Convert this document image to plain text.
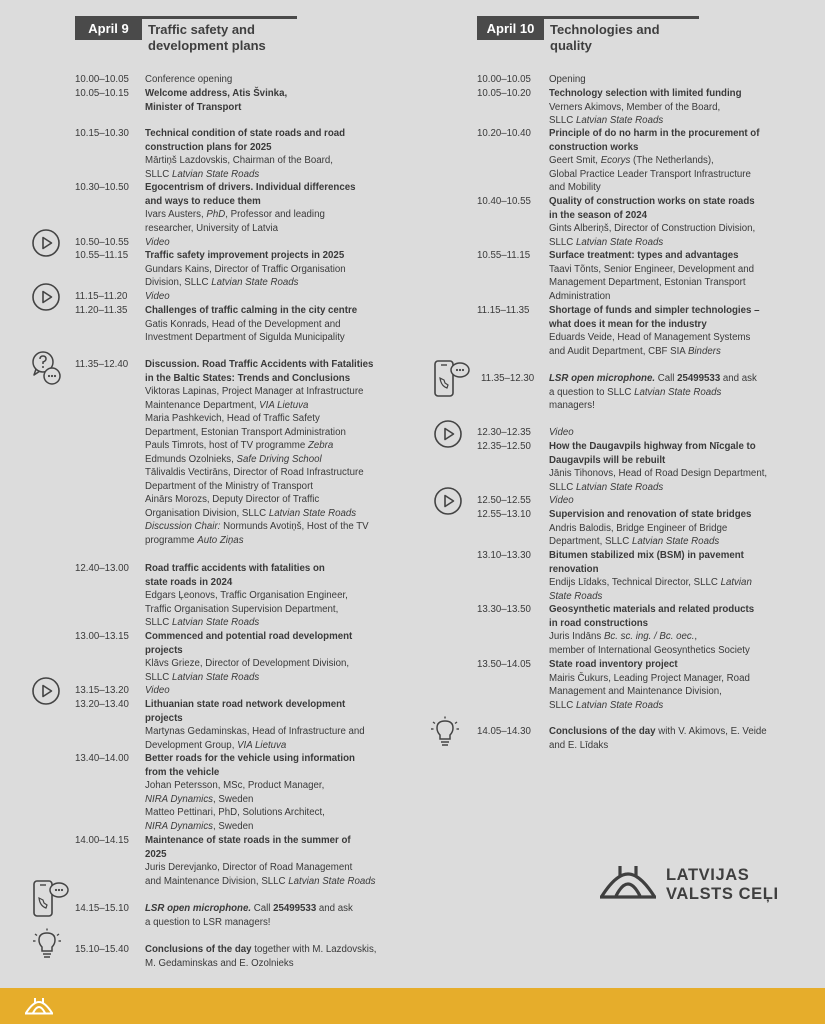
April 9	Traffic safety and
development plans
10.00–10.05 Conference opening
10.05–10.15 Welcome address, Atis Švinka,
Minister of Transport
10.15–10.30 Technical condition of state roads and road
construction plans for 2025
Mārtiņš Lazdovskis, Chairman of the Board,
SLLC Latvian State Roads
10.30–10.50 Egocentrism of drivers. Individual differences
and ways to reduce them
Ivars Austers, PhD, Professor and leading
researcher, University of Latvia
10.50–10.55 Video
10.55–11.15 Traffic safety improvement projects in 2025
Gundars Kains, Director of Traffic Organisation
Division, SLLC Latvian State Roads
11.15–11.20 Video
11.20–11.35 Challenges of traffic calming in the city centre
Gatis Konrads, Head of the Development and
Investment Department of Sigulda Municipality
11.35–12.40 Discussion. Road Traffic Accidents with Fatalities
in the Baltic States: Trends and Conclusions
Viktoras Lapinas, Project Manager at Infrastructure
Maintenance Department, VIA Lietuva
Maria Pashkevich, Head of Traffic Safety
Department, Estonian Transport Administration
Pauls Timrots, host of TV programme Zebra
Edmunds Ozolnieks, Safe Driving School
Tālivaldis Vectirāns, Director of Road Infrastructure
Department of the Ministry of Transport
Ainārs Morozs, Deputy Director of Traffic
Organisation Division, SLLC Latvian State Roads
Discussion Chair: Normunds Avotiņš, Host of the TV
programme Auto Ziņas
12.40–13.00 Road traffic accidents with fatalities on
state roads in 2024
Edgars Ļeonovs, Traffic Organisation Engineer,
Traffic Organisation Supervision Department,
SLLC Latvian State Roads
13.00–13.15 Commenced and potential road development
projects
Klāvs Grieze, Director of Development Division,
SLLC Latvian State Roads
13.15–13.20 Video
13.20–13.40 Lithuanian state road network development
projects
Martynas Gedaminskas, Head of Infrastructure and
Development Group, VIA Lietuva
13.40–14.00 Better roads for the vehicle using information
from the vehicle
Johan Petersson, MSc, Product Manager,
NIRA Dynamics, Sweden
Matteo Pettinari, PhD, Solutions Architect,
NIRA Dynamics, Sweden
14.00–14.15 Maintenance of state roads in the summer of
2025
Juris Derevjanko, Director of Road Management
and Maintenance Division, SLLC Latvian State Roads
14.15–15.10 LSR open microphone. Call 25499533 and ask
a question to LSR managers!
15.10–15.40 Conclusions of the day together with M. Lazdovskis,
M. Gedaminskas and E. Ozolnieks
April 10	Technologies and
quality
10.00–10.05 Opening
10.05–10.20 Technology selection with limited funding
Verners Akimovs, Member of the Board,
SLLC Latvian State Roads
10.20–10.40 Principle of do no harm in the procurement of
construction works
Geert Smit, Ecorys (The Netherlands),
Global Practice Leader Transport Infrastructure
and Mobility
10.40–10.55 Quality of construction works on state roads
in the season of 2024
Gints Alberiņš, Director of Construction Division,
SLLC Latvian State Roads
10.55–11.15 Surface treatment: types and advantages
Taavi Tõnts, Senior Engineer, Development and
Management Department, Estonian Transport
Administration
11.15–11.35 Shortage of funds and simpler technologies –
what does it mean for the industry
Eduards Veide, Head of Management Systems
and Audit Department, CBF SIA Binders
11.35–12.30 LSR open microphone. Call 25499533 and ask
a question to SLLC Latvian State Roads
managers!
12.30–12.35 Video
12.35–12.50 How the Daugavpils highway from Nīcgale to
Daugavpils will be rebuilt
Jānis Tihonovs, Head of Road Design Department,
SLLC Latvian State Roads
12.50–12.55 Video
12.55–13.10 Supervision and renovation of state bridges
Andris Balodis, Bridge Engineer of Bridge
Department, SLLC Latvian State Roads
13.10–13.30 Bitumen stabilized mix (BSM) in pavement
renovation
Endijs Līdaks, Technical Director, SLLC Latvian
State Roads
13.30–13.50 Geosynthetic materials and related products
in road constructions
Juris Indāns Bc. sc. ing. / Bc. oec.,
member of International Geosynthetics Society
13.50–14.05 State road inventory project
Mairis Čukurs, Leading Project Manager, Road
Management and Maintenance Division,
SLLC Latvian State Roads
14.05–14.30 Conclusions of the day with V. Akimovs, E. Veide
and E. Līdaks
LATVIJAS
VALSTS CEĻI
